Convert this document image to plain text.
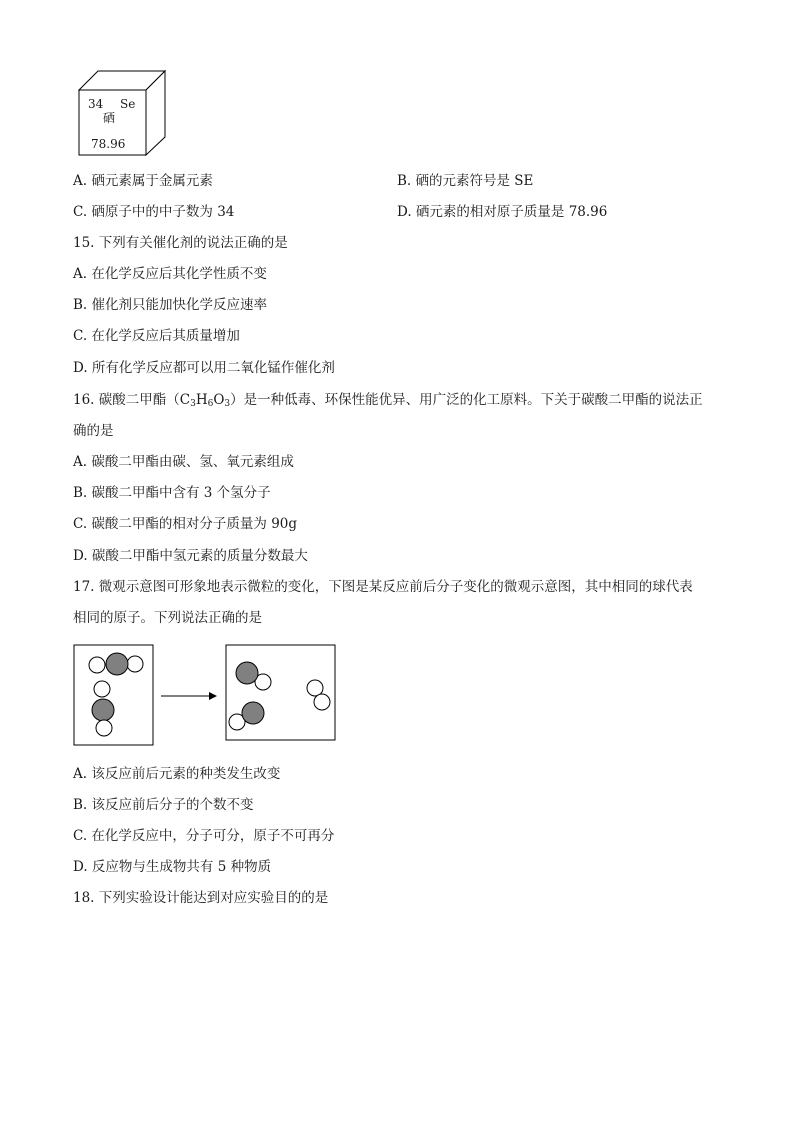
34 Se
硒
78.96
A. 硒元素属于金属元素	B. 硒的元素符号是 SE
C. 硒原子中的中子数为 34	D. 硒元素的相对原子质量是 78.96
15. 下列有关催化剂的说法正确的是
A. 在化学反应后其化学性质不变
B. 催化剂只能加快化学反应速率
C. 在化学反应后其质量增加
D. 所有化学反应都可以用二氧化锰作催化剂
16. 碳酸二甲酯$(C_3H_6O_3)$是一种低毒、环保性能优异、用广泛的化工原料。下关于碳酸二甲酯的说法正
确的是
A. 碳酸二甲酯由碳、氢、氧元素组成
B. 碳酸二甲酯中含有 3 个氢分子
C. 碳酸二甲酯的相对分子质量为 90g
D. 碳酸二甲酯中氢元素的质量分数最大
17. 微观示意图可形象地表示微粒的变化，下图是某反应前后分子变化的微观示意图，其中相同的球代表
相同的原子。下列说法正确的是
A. 该反应前后元素的种类发生改变
B. 该反应前后分子的个数不变
C. 在化学反应中，分子可分，原子不可再分
D. 反应物与生成物共有 5 种物质
18. 下列实验设计能达到对应实验目的的是
